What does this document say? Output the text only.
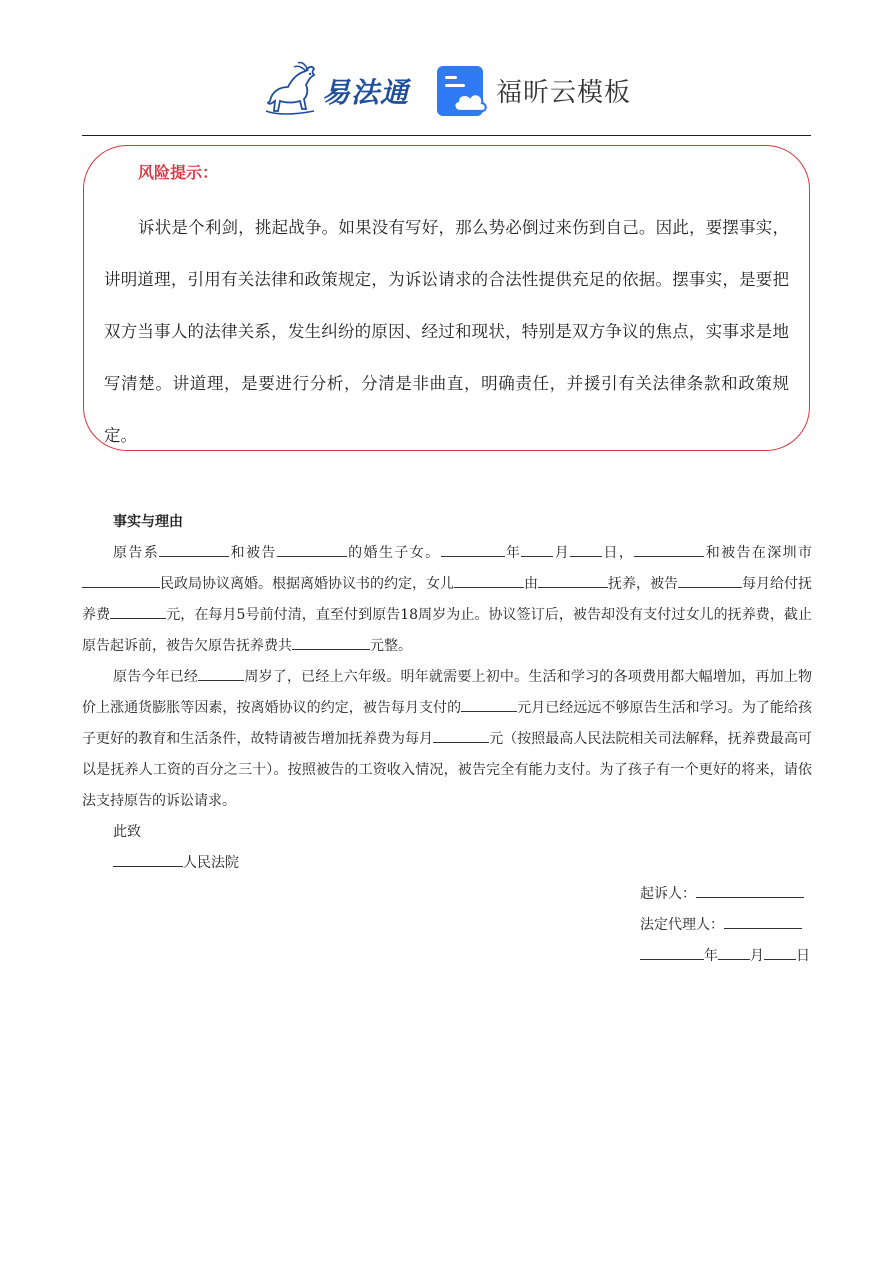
易法通	福昕云模板
风险提示：
诉状是个利剑，挑起战争。如果没有写好，那么势必倒过来伤到自己。因此，要摆事实，讲明道理，引用有关法律和政策规定，为诉讼请求的合法性提供充足的依据。摆事实，是要把双方当事人的法律关系，发生纠纷的原因、经过和现状，特别是双方争议的焦点，实事求是地写清楚。讲道理，是要进行分析，分清是非曲直，明确责任，并援引有关法律条款和政策规定。
事实与理由

原告系	和被告	的婚生子女。	年 月 日，	和被告在深圳市民政局协议离婚。根据离婚协议书的约定，女儿	由	抚养，被告	每月给付抚养费	元，在每月5号前付清，直至付到原告18周岁为止。协议签订后，被告却没有支付过女儿的抚养费，截止原告起诉前，被告欠原告抚养费共	元整。

原告今年已经	周岁了，已经上六年级。明年就需要上初中。生活和学习的各项费用都大幅增加，再加上物价上涨通货膨胀等因素，按离婚协议的约定，被告每月支付的	元月已经远远不够原告生活和学习。为了能给孩子更好的教育和生活条件，故特请被告增加抚养费为每月	元（按照最高人民法院相关司法解释，抚养费最高可以是抚养人工资的百分之三十）。按照被告的工资收入情况，被告完全有能力支付。为了孩子有一个更好的将来，请依法支持原告的诉讼请求。

此致
人民法院
起诉人：
法定代理人：
年 月 日
